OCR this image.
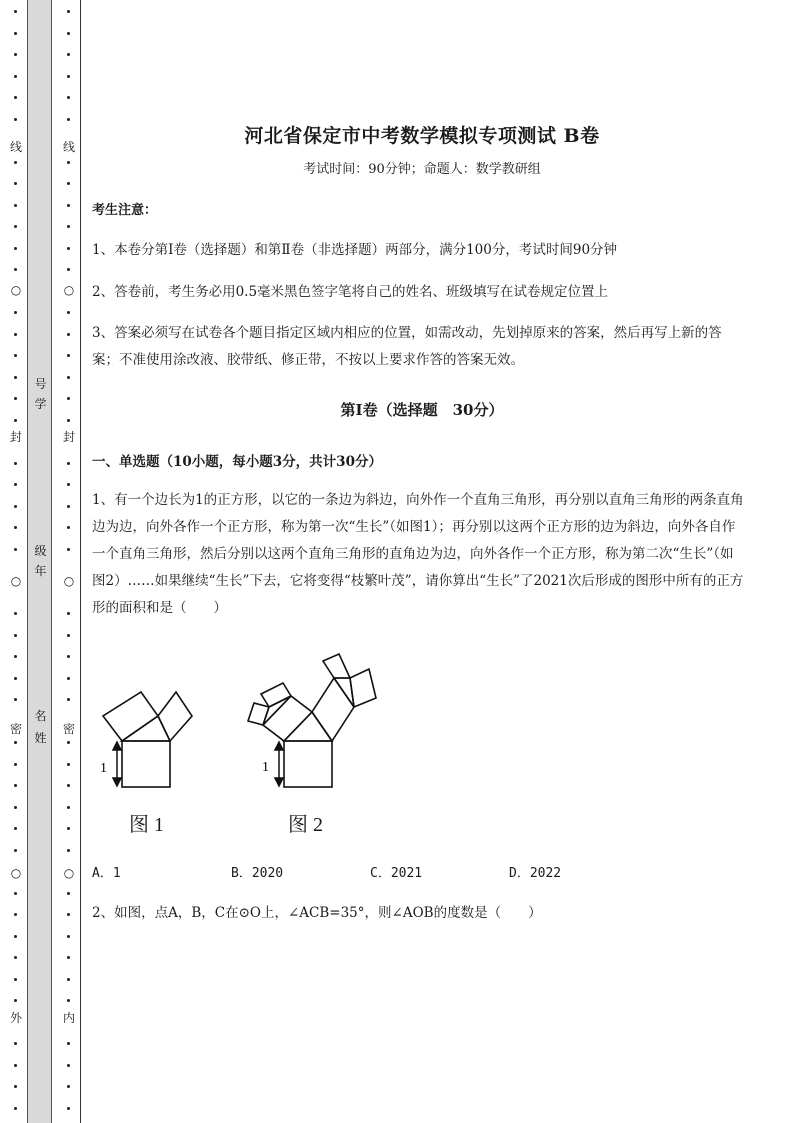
线
○
封
○
密
○
外
号
学
级
年
名
姓
线
○
封
○
密
○
内
河北省保定市中考数学模拟专项测试 B卷
考试时间：90分钟；命题人：数学教研组
考生注意：
1、本卷分第I卷（选择题）和第Ⅱ卷（非选择题）两部分，满分100分，考试时间90分钟
2、答卷前，考生务必用0.5毫米黑色签字笔将自己的姓名、班级填写在试卷规定位置上
3、答案必须写在试卷各个题目指定区域内相应的位置，如需改动，先划掉原来的答案，然后再写上新的答案；不准使用涂改液、胶带纸、修正带，不按以上要求作答的答案无效。
第I卷（选择题　30分）
一、单选题（10小题，每小题3分，共计30分）
1、有一个边长为1的正方形，以它的一条边为斜边，向外作一个直角三角形，再分别以直角三角形的两条直角边为边，向外各作一个正方形，称为第一次“生长”（如图1）；再分别以这两个正方形的边为斜边，向外各自作一个直角三角形，然后分别以这两个直角三角形的直角边为边，向外各作一个正方形，称为第二次“生长”（如图2）……如果继续“生长”下去，它将变得“枝繁叶茂”，请你算出“生长”了2021次后形成的图形中所有的正方形的面积和是（　　）
1
图 1
1
图 2
A．1	B．2020	C．2021	D．2022
2、如图，点A，B，C在⊙O上，∠ACB=35°，则∠AOB的度数是（　　）
